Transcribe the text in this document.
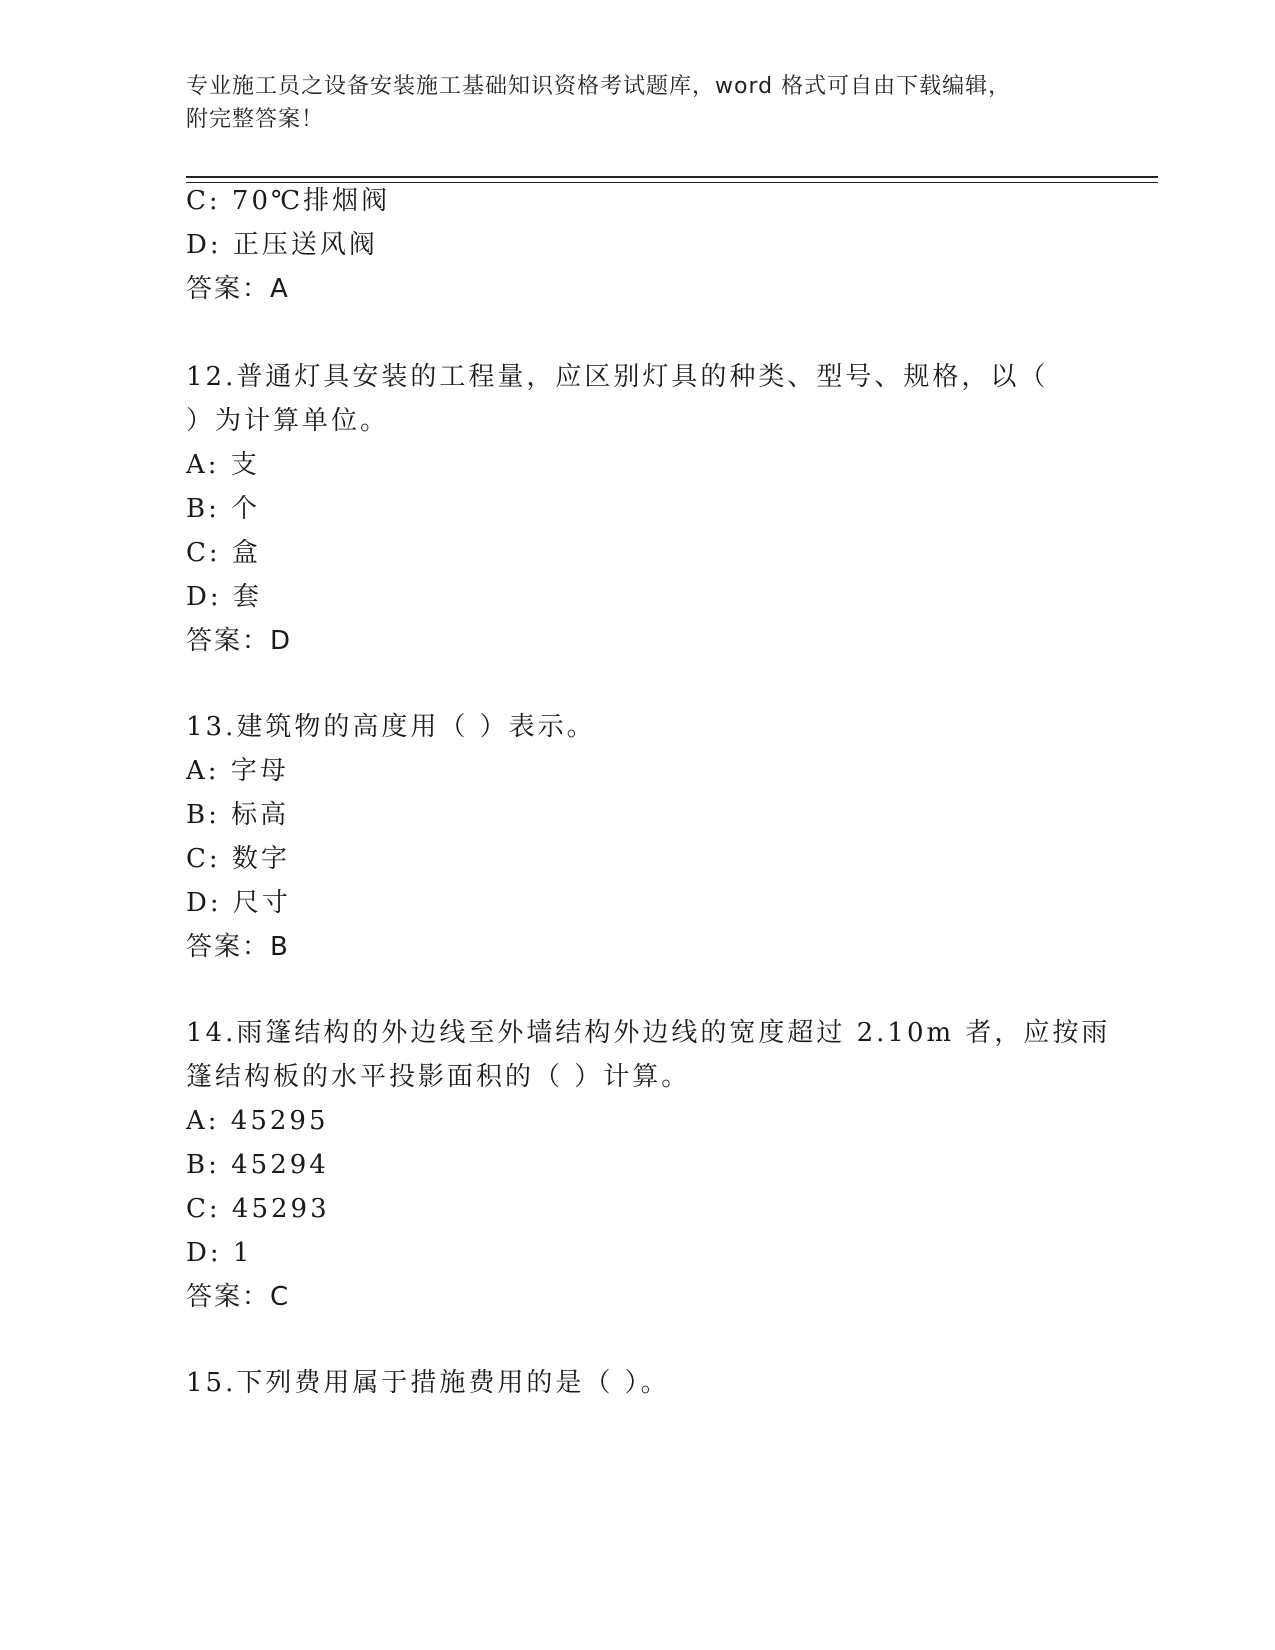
专业施工员之设备安装施工基础知识资格考试题库，word 格式可自由下载编辑，
附完整答案！
C: 70℃排烟阀
D: 正压送风阀
答案：A
12.普通灯具安装的工程量，应区别灯具的种类、型号、规格，以（
）为计算单位。
A: 支
B: 个
C: 盒
D: 套
答案：D
13.建筑物的高度用（ ）表示。
A: 字母
B: 标高
C: 数字
D: 尺寸
答案：B
14.雨篷结构的外边线至外墙结构外边线的宽度超过 2.10m 者，应按雨
篷结构板的水平投影面积的（ ）计算。
A: 45295
B: 45294
C: 45293
D: 1
答案：C
15.下列费用属于措施费用的是（ ）。
